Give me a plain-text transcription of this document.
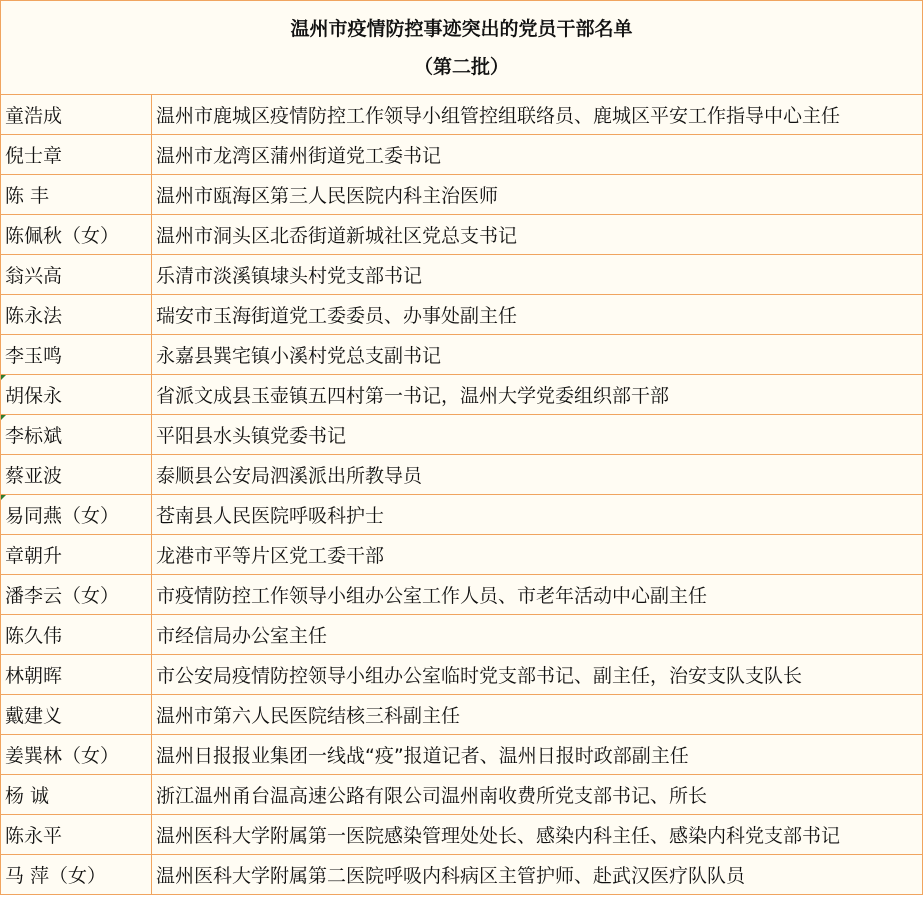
温州市疫情防控事迹突出的党员干部名单
（第二批）	

童浩成	温州市鹿城区疫情防控工作领导小组管控组联络员、鹿城区平安工作指导中心主任
倪士章	温州市龙湾区蒲州街道党工委书记
陈 丰	温州市瓯海区第三人民医院内科主治医师
陈佩秋（女）	温州市洞头区北岙街道新城社区党总支书记
翁兴高	乐清市淡溪镇埭头村党支部书记
陈永法	瑞安市玉海街道党工委委员、办事处副主任
李玉鸣	永嘉县巽宅镇小溪村党总支副书记
胡保永	省派文成县玉壶镇五四村第一书记，温州大学党委组织部干部
李标斌	平阳县水头镇党委书记
蔡亚波	泰顺县公安局泗溪派出所教导员
易同燕（女）	苍南县人民医院呼吸科护士
章朝升	龙港市平等片区党工委干部
潘李云（女）	市疫情防控工作领导小组办公室工作人员、市老年活动中心副主任
陈久伟	市经信局办公室主任
林朝晖	市公安局疫情防控领导小组办公室临时党支部书记、副主任，治安支队支队长
戴建义	温州市第六人民医院结核三科副主任
姜巽林（女）	温州日报报业集团一线战“疫”报道记者、温州日报时政部副主任
杨 诚	浙江温州甬台温高速公路有限公司温州南收费所党支部书记、所长
陈永平	温州医科大学附属第一医院感染管理处处长、感染内科主任、感染内科党支部书记
马 萍（女）	温州医科大学附属第二医院呼吸内科病区主管护师、赴武汉医疗队队员
